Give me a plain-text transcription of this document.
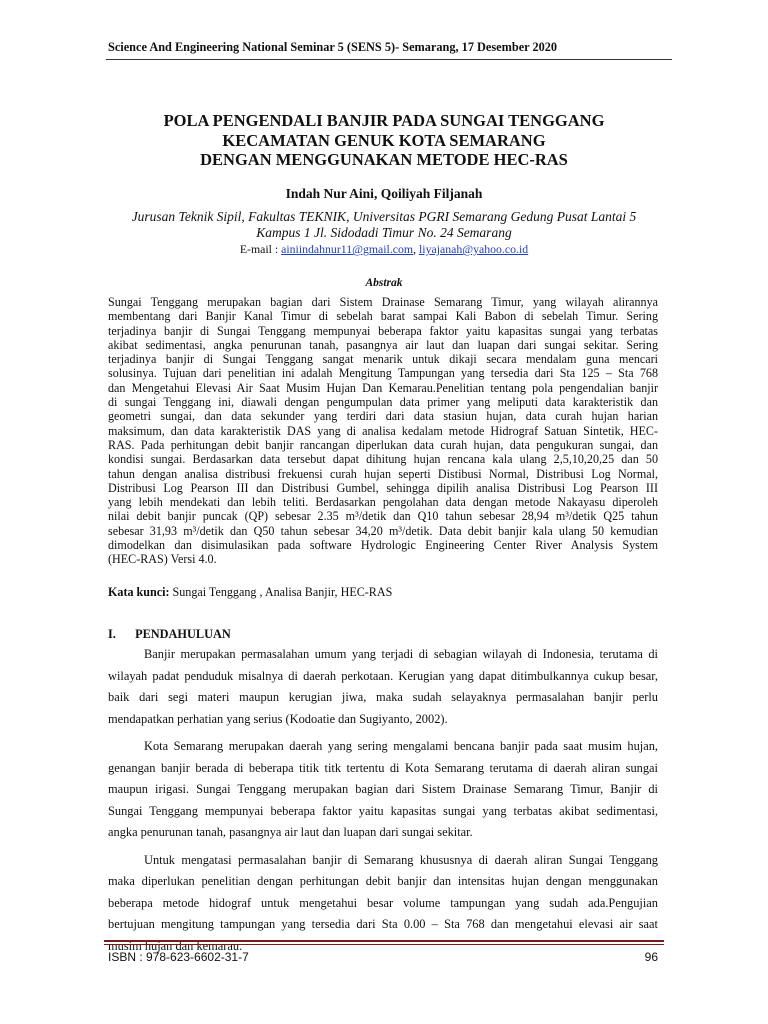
Science And Engineering National Seminar 5 (SENS 5)- Semarang, 17 Desember 2020
POLA PENGENDALI BANJIR PADA SUNGAI TENGGANG
KECAMATAN GENUK KOTA SEMARANG
DENGAN MENGGUNAKAN METODE HEC-RAS
Indah Nur Aini, Qoiliyah Filjanah
Jurusan Teknik Sipil, Fakultas TEKNIK, Universitas PGRI Semarang Gedung Pusat Lantai 5
Kampus 1 Jl. Sidodadi Timur No. 24 Semarang
E-mail : ainiindahnur11@gmail.com, liyajanah@yahoo.co.id
Abstrak
Sungai Tenggang merupakan bagian dari Sistem Drainase Semarang Timur, yang wilayah alirannya
membentang dari Banjir Kanal Timur di sebelah barat sampai Kali Babon di sebelah Timur. Sering
terjadinya banjir di Sungai Tenggang mempunyai beberapa faktor yaitu kapasitas sungai yang terbatas
akibat sedimentasi, angka penurunan tanah, pasangnya air laut dan luapan dari sungai sekitar. Sering
terjadinya banjir di Sungai Tenggang sangat menarik untuk dikaji secara mendalam guna mencari
solusinya. Tujuan dari penelitian ini adalah Mengitung Tampungan yang tersedia dari Sta 125 – Sta 768
dan Mengetahui Elevasi Air Saat Musim Hujan Dan Kemarau.Penelitian tentang pola pengendalian banjir
di sungai Tenggang ini, diawali dengan pengumpulan data primer yang meliputi data karakteristik dan
geometri sungai, dan data sekunder yang terdiri dari data stasiun hujan, data curah hujan harian
maksimum, dan data karakteristik DAS yang di analisa kedalam metode Hidrograf Satuan Sintetik, HEC-
RAS. Pada perhitungan debit banjir rancangan diperlukan data curah hujan, data pengukuran sungai, dan
kondisi sungai. Berdasarkan data tersebut dapat dihitung hujan rencana kala ulang 2,5,10,20,25 dan 50
tahun dengan analisa distribusi frekuensi curah hujan seperti Distibusi Normal, Distribusi Log Normal,
Distribusi Log Pearson III dan Distribusi Gumbel, sehingga dipilih analisa Distribusi Log Pearson III
yang lebih mendekati dan lebih teliti. Berdasarkan pengolahan data dengan metode Nakayasu diperoleh
nilai debit banjir puncak (QP) sebesar 2.35 m³/detik dan Q10 tahun sebesar 28,94 m³/detik Q25 tahun
sebesar 31,93 m³/detik dan Q50 tahun sebesar 34,20 m³/detik. Data debit banjir kala ulang 50 kemudian
dimodelkan dan disimulasikan pada software Hydrologic Engineering Center River Analysis System
(HEC-RAS) Versi 4.0.
Kata kunci: Sungai Tenggang , Analisa Banjir, HEC-RAS
I. PENDAHULUAN
Banjir merupakan permasalahan umum yang terjadi di sebagian wilayah di Indonesia, terutama di
wilayah padat penduduk misalnya di daerah perkotaan. Kerugian yang dapat ditimbulkannya cukup besar,
baik dari segi materi maupun kerugian jiwa, maka sudah selayaknya permasalahan banjir perlu
mendapatkan perhatian yang serius (Kodoatie dan Sugiyanto, 2002).
Kota Semarang merupakan daerah yang sering mengalami bencana banjir pada saat musim hujan,
genangan banjir berada di beberapa titik titk tertentu di Kota Semarang terutama di daerah aliran sungai
maupun irigasi. Sungai Tenggang merupakan bagian dari Sistem Drainase Semarang Timur, Banjir di
Sungai Tenggang mempunyai beberapa faktor yaitu kapasitas sungai yang terbatas akibat sedimentasi,
angka penurunan tanah, pasangnya air laut dan luapan dari sungai sekitar.
Untuk mengatasi permasalahan banjir di Semarang khususnya di daerah aliran Sungai Tenggang
maka diperlukan penelitian dengan perhitungan debit banjir dan intensitas hujan dengan menggunakan
beberapa metode hidograf untuk mengetahui besar volume tampungan yang sudah ada.Pengujian
bertujuan mengitung tampungan yang tersedia dari Sta 0.00 – Sta 768 dan mengetahui elevasi air saat
musim hujan dan kemarau.
ISBN : 978-623-6602-31-7	96
